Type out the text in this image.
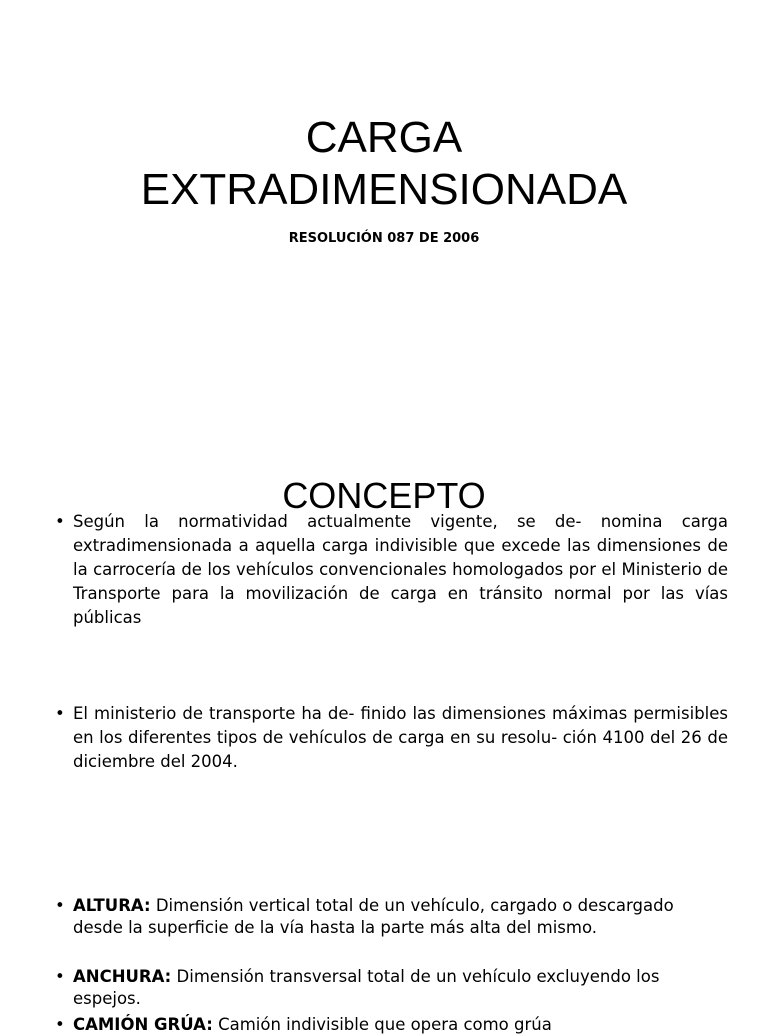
CARGA
EXTRADIMENSIONADA

RESOLUCIÓN 087 DE 2006

CONCEPTO

• Según la normatividad actualmente vigente, se de- nomina carga extradimensionada a aquella carga indivisible que excede las dimensiones de la carrocería de los vehículos convencionales homologados por el Ministerio de Transporte para la movilización de carga en tránsito normal por las vías públicas

• El ministerio de transporte ha de- finido las dimensiones máximas permisibles en los diferentes tipos de vehículos de carga en su resolu- ción 4100 del 26 de diciembre del 2004.

• ALTURA: Dimensión vertical total de un vehículo, cargado o descargado desde la superficie de la vía hasta la parte más alta del mismo.

• ANCHURA: Dimensión transversal total de un vehículo excluyendo los espejos.

• CAMIÓN GRÚA: Camión indivisible que opera como grúa
